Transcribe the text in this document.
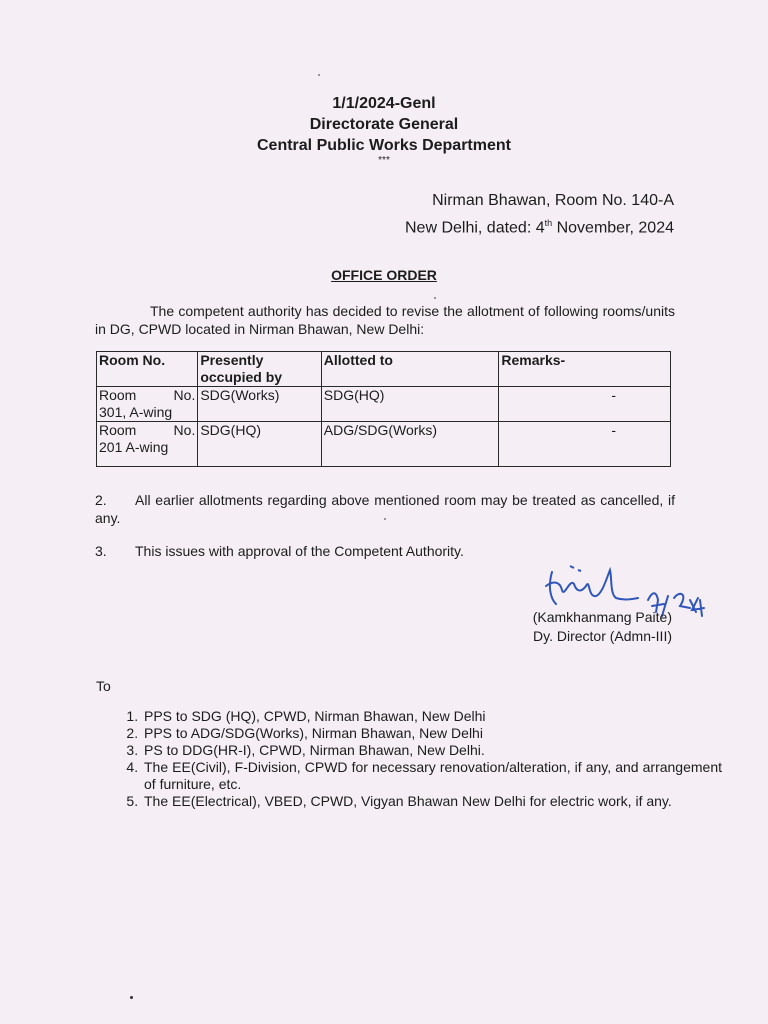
1/1/2024-Genl
Directorate General
Central Public Works Department
***
Nirman Bhawan, Room No. 140-A
New Delhi, dated: 4th November, 2024
OFFICE ORDER
The competent authority has decided to revise the allotment of following rooms/units in DG, CPWD located in Nirman Bhawan, New Delhi:
Room No.	Presently occupied by	Allotted to	Remarks-

Room No.
301, A-wing	SDG(Works)	SDG(HQ)	-

Room No.
201 A-wing	SDG(HQ)	ADG/SDG(Works)	-
2. All earlier allotments regarding above mentioned room may be treated as cancelled, if any.
3. This issues with approval of the Competent Authority.
(Kamkhanmang Paite)
Dy. Director (Admn-III)
To
1. PPS to SDG (HQ), CPWD, Nirman Bhawan, New Delhi
2. PPS to ADG/SDG(Works), Nirman Bhawan, New Delhi
3. PS to DDG(HR-I), CPWD, Nirman Bhawan, New Delhi.
4. The EE(Civil), F-Division, CPWD for necessary renovation/alteration, if any, and arrangement of furniture, etc.
5. The EE(Electrical), VBED, CPWD, Vigyan Bhawan New Delhi for electric work, if any.
